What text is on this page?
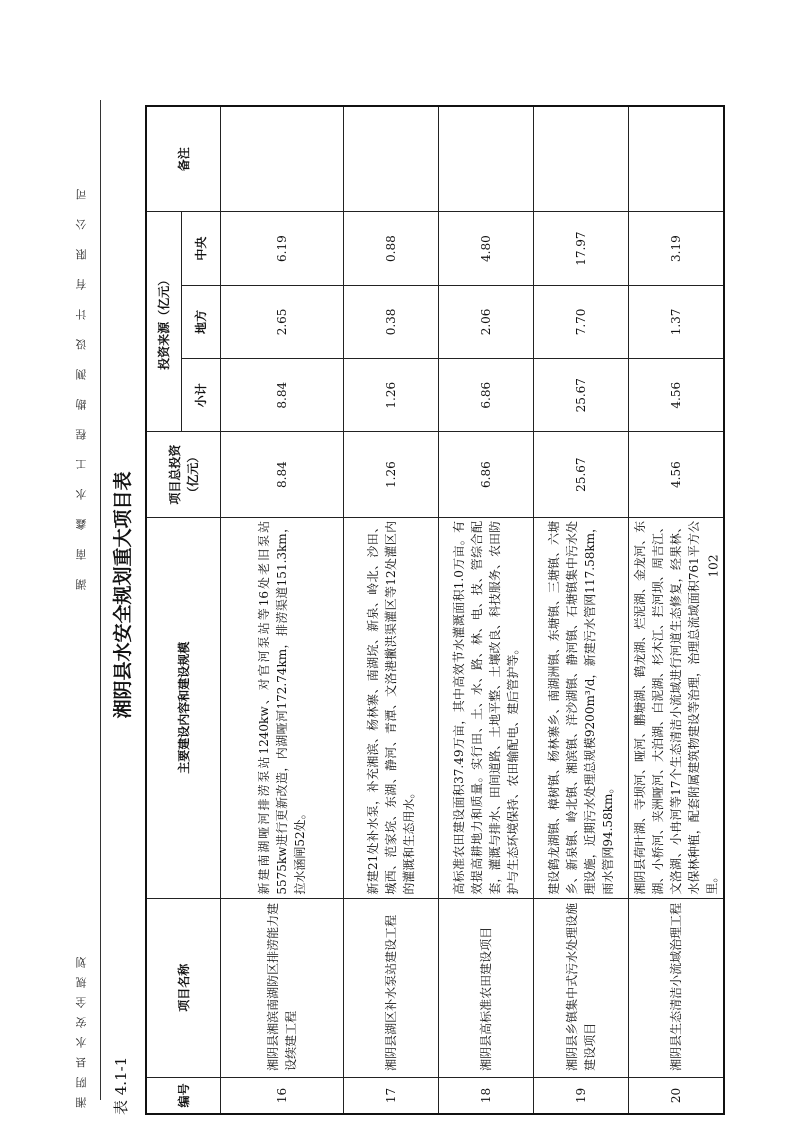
湘阴县水安全规划
湖南鑫水工程勘测设计有限公司	102
表 4.1-1
湘阴县水安全规划重大项目表
编号	项目名称	主要建设内容和建设规模	项目总投资 （亿元）	投资来源（亿元）			备注
				小计	地方	中央	
16	湘阴县湘滨南湖防区排涝能力建设续建工程	新建南湖哑河排涝泵站1240kw、对官河泵站等16处老旧泵站5575kw进行更新改造，内湖哑河172.74km，排涝渠道151.3km，拉水涵闸52处。	8.84	8.84	2.65	6.19	
17	湘阴县湖区补水泵站建设工程	新建21处补水泵，补充湘滨、杨林寨、南湖垸、新泉、岭北、沙田、城西、范家垸、东湖、静河、青潭、文洛港撇洪渠灌区等12处灌区内的灌溉和生态用水。	1.26	1.26	0.38	0.88	
18	湘阴县高标准农田建设项目	高标准农田建设面积37.49万亩，其中高效节水灌溉面积1.0万亩。有效提高耕地力和质量。实行田、土、水、路、林、电、技、管综合配套，灌溉与排水、田间道路、土地平整、土壤改良、科技服务、农田防护与生态环境保持、农田输配电、建后管护等。	6.86	6.86	2.06	4.80	
19	湘阴县乡镇集中式污水处理设施建设项目	建设鹤龙湖镇、樟树镇、杨林寨乡、南湖洲镇、东塘镇、三塘镇、六塘乡、新泉镇、岭北镇、湘滨镇、洋沙湖镇、静河镇、石塘镇集中污水处理设施，近期污水处理总规模9200m³/d，新建污水管网117.58km，雨水管网94.58km。	25.67	25.67	7.70	17.97	
20	湘阴县生态清洁小流域治理工程	湘阴县荷叶湖、寺坝河、哑河、鹏塘湖、鹤龙湖、烂泥湖、金龙河、东湖、小桥河、夹洲哑河、大泊湖、白泥湖、杉木江、拦河坝、周吉江、文洛湖、小冉河等17个生态清洁小流域进行河道生态修复，经果林、水保林种植，配套附属建筑物建设等治理，治理总流域面积761平方公里。	4.56	4.56	1.37	3.19	
